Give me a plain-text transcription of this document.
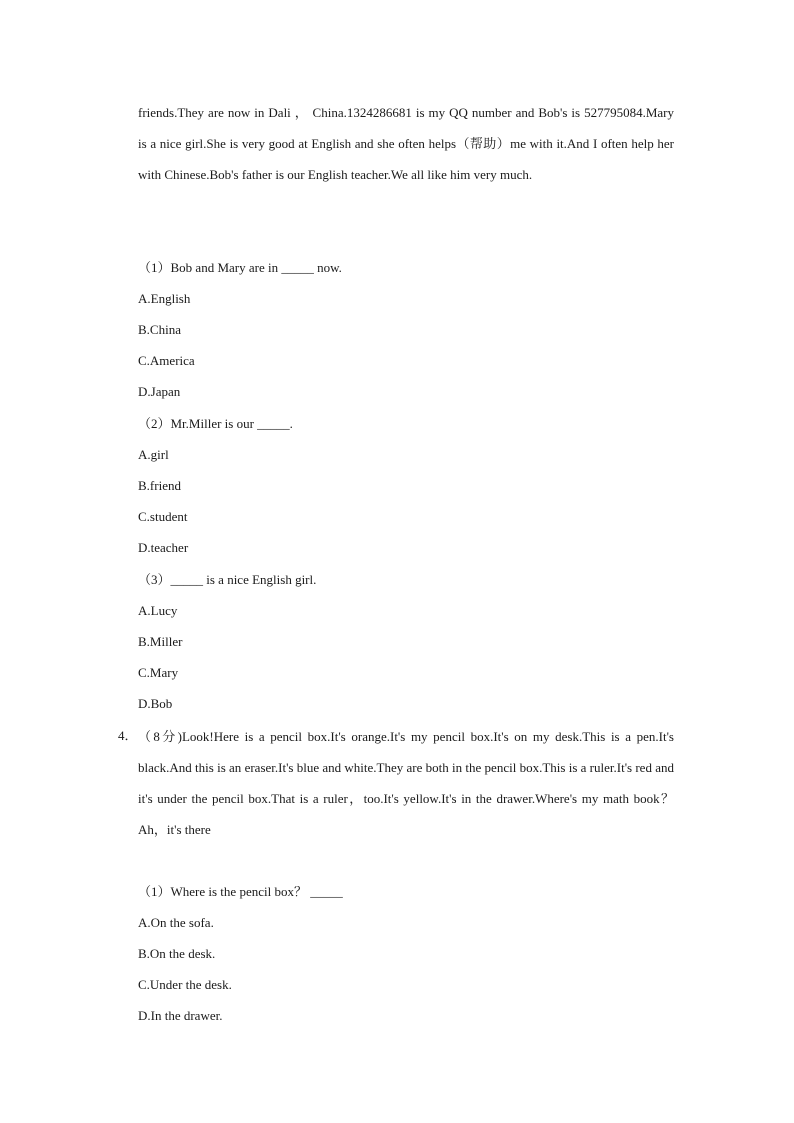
friends.They are now in Dali ， China.1324286681 is my QQ number and Bob's is 527795084.Mary is a nice girl.She is very good at English and she often helps（帮助）me with it.And I often help her with Chinese.Bob's father is our English teacher.We all like him very much.

（1）Bob and Mary are in _____ now.
A.English
B.China
C.America
D.Japan
（2）Mr.Miller is our _____.
A.girl
B.friend
C.student
D.teacher
（3）_____ is a nice English girl.
A.Lucy
B.Miller
C.Mary
D.Bob
4． （8分)Look!Here is a pencil box.It's orange.It's my pencil box.It's on my desk.This is a pen.It's black.And this is an eraser.It's blue and white.They are both in the pencil box.This is a ruler.It's red and it's under the pencil box.That is a ruler，too.It's yellow.It's in the drawer.Where's my math book？Ah，it's there

（1）Where is the pencil box？ _____
A.On the sofa.
B.On the desk.
C.Under the desk.
D.In the drawer.
